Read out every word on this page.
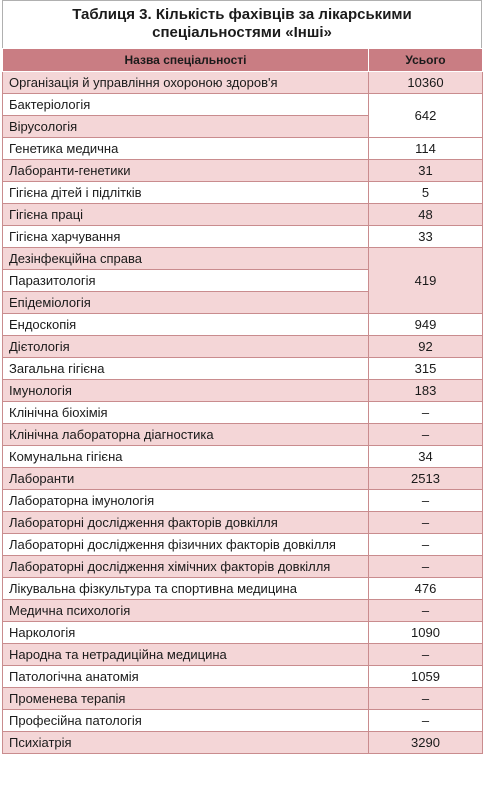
Таблиця 3. Кількість фахівців за лікарськими
спеціальностями «Інші»
Назва спеціальності	Усього
Організація й управління охороною здоров'я	10360
Бактеріологія	642
Вірусологія	
Генетика медична	114
Лаборанти-генетики	31
Гігієна дітей і підлітків	5
Гігієна праці	48
Гігієна харчування	33
Дезінфекційна справа	419
Паразитологія	
Епідеміологія	
Ендоскопія	949
Дієтологія	92
Загальна гігієна	315
Імунологія	183
Клінічна біохімія	–
Клінічна лабораторна діагностика	–
Комунальна гігієна	34
Лаборанти	2513
Лабораторна імунологія	–
Лабораторні дослідження факторів довкілля	–
Лабораторні дослідження фізичних факторів довкілля	–
Лабораторні дослідження хімічних факторів довкілля	–
Лікувальна фізкультура та спортивна медицина	476
Медична психологія	–
Наркологія	1090
Народна та нетрадиційна медицина	–
Патологічна анатомія	1059
Променева терапія	–
Професійна патологія	–
Психіатрія	3290
